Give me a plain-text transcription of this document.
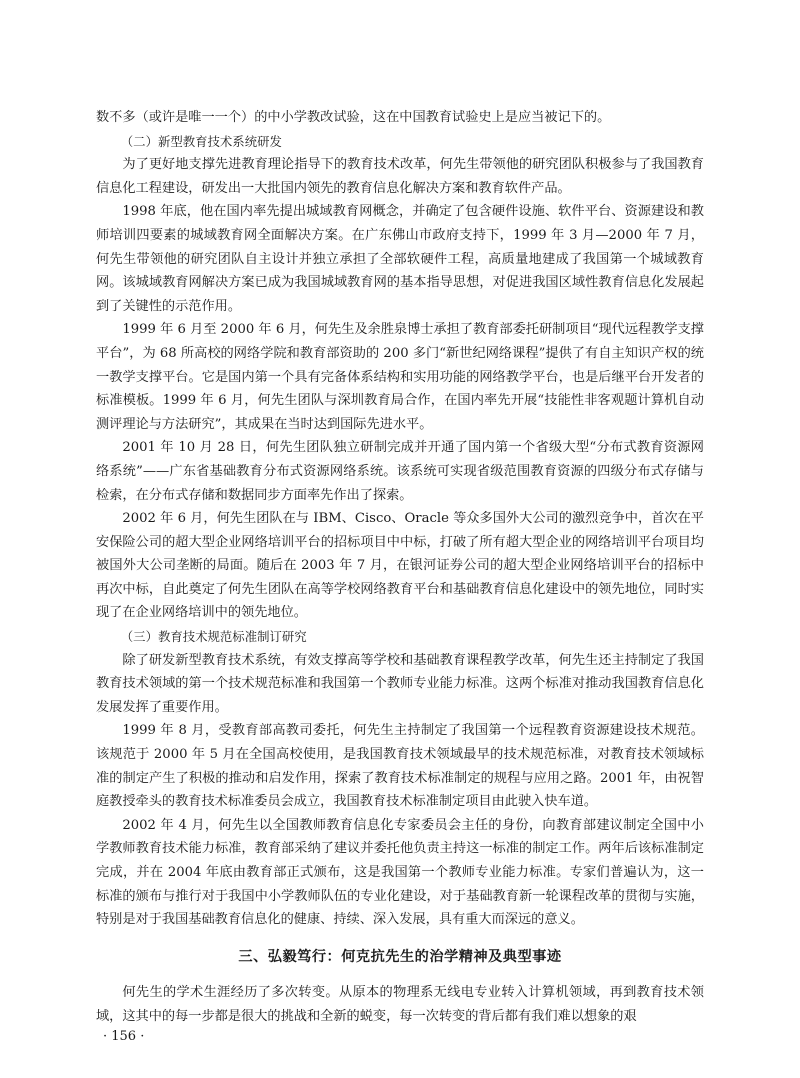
数不多（或许是唯一一个）的中小学教改试验，这在中国教育试验史上是应当被记下的。

（二）新型教育技术系统研发

为了更好地支撑先进教育理论指导下的教育技术改革，何先生带领他的研究团队积极参与了我国教育信息化工程建设，研发出一大批国内领先的教育信息化解决方案和教育软件产品。

1998 年底，他在国内率先提出城域教育网概念，并确定了包含硬件设施、软件平台、资源建设和教师培训四要素的城域教育网全面解决方案。在广东佛山市政府支持下，1999 年 3 月—2000 年 7 月，何先生带领他的研究团队自主设计并独立承担了全部软硬件工程，高质量地建成了我国第一个城域教育网。该城域教育网解决方案已成为我国城域教育网的基本指导思想，对促进我国区域性教育信息化发展起到了关键性的示范作用。

1999 年 6 月至 2000 年 6 月，何先生及余胜泉博士承担了教育部委托研制项目“现代远程教学支撑平台”，为 68 所高校的网络学院和教育部资助的 200 多门“新世纪网络课程”提供了有自主知识产权的统一教学支撑平台。它是国内第一个具有完备体系结构和实用功能的网络教学平台，也是后继平台开发者的标准模板。1999 年 6 月，何先生团队与深圳教育局合作，在国内率先开展“技能性非客观题计算机自动测评理论与方法研究”，其成果在当时达到国际先进水平。

2001 年 10 月 28 日，何先生团队独立研制完成并开通了国内第一个省级大型“分布式教育资源网络系统”——广东省基础教育分布式资源网络系统。该系统可实现省级范围教育资源的四级分布式存储与检索，在分布式存储和数据同步方面率先作出了探索。

2002 年 6 月，何先生团队在与 IBM、Cisco、Oracle 等众多国外大公司的激烈竞争中，首次在平安保险公司的超大型企业网络培训平台的招标项目中中标，打破了所有超大型企业的网络培训平台项目均被国外大公司垄断的局面。随后在 2003 年 7 月，在银河证券公司的超大型企业网络培训平台的招标中再次中标，自此奠定了何先生团队在高等学校网络教育平台和基础教育信息化建设中的领先地位，同时实现了在企业网络培训中的领先地位。

（三）教育技术规范标准制订研究

除了研发新型教育技术系统，有效支撑高等学校和基础教育课程教学改革，何先生还主持制定了我国教育技术领域的第一个技术规范标准和我国第一个教师专业能力标准。这两个标准对推动我国教育信息化发展发挥了重要作用。

1999 年 8 月，受教育部高教司委托，何先生主持制定了我国第一个远程教育资源建设技术规范。该规范于 2000 年 5 月在全国高校使用，是我国教育技术领域最早的技术规范标准，对教育技术领域标准的制定产生了积极的推动和启发作用，探索了教育技术标准制定的规程与应用之路。2001 年，由祝智庭教授牵头的教育技术标准委员会成立，我国教育技术标准制定项目由此驶入快车道。

2002 年 4 月，何先生以全国教师教育信息化专家委员会主任的身份，向教育部建议制定全国中小学教师教育技术能力标准，教育部采纳了建议并委托他负责主持这一标准的制定工作。两年后该标准制定完成，并在 2004 年底由教育部正式颁布，这是我国第一个教师专业能力标准。专家们普遍认为，这一标准的颁布与推行对于我国中小学教师队伍的专业化建设，对于基础教育新一轮课程改革的贯彻与实施，特别是对于我国基础教育信息化的健康、持续、深入发展，具有重大而深远的意义。

三、弘毅笃行：何克抗先生的治学精神及典型事迹

何先生的学术生涯经历了多次转变。从原本的物理系无线电专业转入计算机领域，再到教育技术领域，这其中的每一步都是很大的挑战和全新的蜕变，每一次转变的背后都有我们难以想象的艰

· 156 ·
